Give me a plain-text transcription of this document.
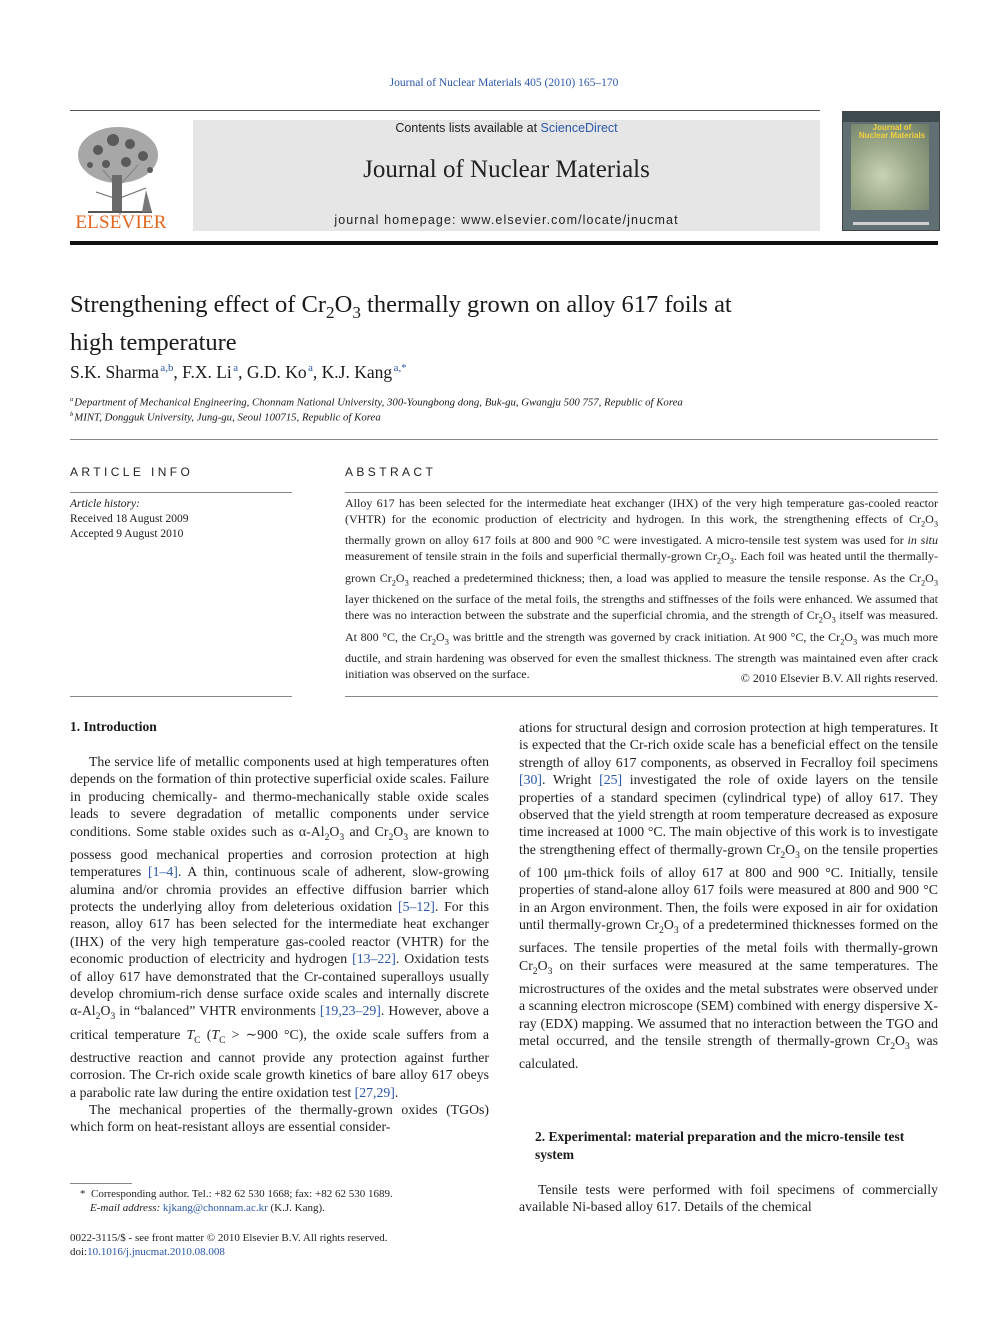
Journal of Nuclear Materials 405 (2010) 165–170
ELSEVIER
Contents lists available at ScienceDirect
Journal of Nuclear Materials
journal homepage: www.elsevier.com/locate/jnucmat
Journal of
Nuclear Materials
Strengthening effect of $Cr_2O_3$ thermally grown on alloy 617 foils at
high temperature
S.K. Sharma $^{a,b}$, F.X. Li $^a$, G.D. Ko $^a$, K.J. Kang $^{a,*}$
$^a$ Department of Mechanical Engineering, Chonnam National University, 300-Youngbong dong, Buk-gu, Gwangju 500 757, Republic of Korea
$^b$ MINT, Dongguk University, Jung-gu, Seoul 100715, Republic of Korea
ARTICLE INFO
Article history:
Received 18 August 2009
Accepted 9 August 2010
ABSTRACT
Alloy 617 has been selected for the intermediate heat exchanger (IHX) of the very high temperature gas-cooled reactor (VHTR) for the economic production of electricity and hydrogen. In this work, the strengthening effects of $Cr_2O_3$ thermally grown on alloy 617 foils at 800 and 900 °C were investigated. A micro-tensile test system was used for in situ measurement of tensile strain in the foils and superficial thermally-grown $Cr_2O_3$. Each foil was heated until the thermally-grown $Cr_2O_3$ reached a predetermined thickness; then, a load was applied to measure the tensile response. As the $Cr_2O_3$ layer thickened on the surface of the metal foils, the strengths and stiffnesses of the foils were enhanced. We assumed that there was no interaction between the substrate and the superficial chromia, and the strength of $Cr_2O_3$ itself was measured. At 800 °C, the $Cr_2O_3$ was brittle and the strength was governed by crack initiation. At 900 °C, the $Cr_2O_3$ was much more ductile, and strain hardening was observed for even the smallest thickness. The strength was maintained even after crack initiation was observed on the surface.	© 2010 Elsevier B.V. All rights reserved.
1. Introduction

The service life of metallic components used at high temperatures often depends on the formation of thin protective superficial oxide scales. Failure in producing chemically- and thermo-mechanically stable oxide scales leads to severe degradation of metallic components under service conditions. Some stable oxides such as $\alpha-Al_2O_3$ and $Cr_2O_3$ are known to possess good mechanical properties and corrosion protection at high temperatures [1–4]. A thin, continuous scale of adherent, slow-growing alumina and/or chromia provides an effective diffusion barrier which protects the underlying alloy from deleterious oxidation [5–12]. For this reason, alloy 617 has been selected for the intermediate heat exchanger (IHX) of the very high temperature gas-cooled reactor (VHTR) for the economic production of electricity and hydrogen [13–22]. Oxidation tests of alloy 617 have demonstrated that the Cr-contained superalloys usually develop chromium-rich dense surface oxide scales and internally discrete $\alpha-Al_2O_3$ in “balanced” VHTR environments [19,23–29]. However, above a critical temperature $T_C$ ($T_C$ > ∼900 °C), the oxide scale suffers from a destructive reaction and cannot provide any protection against further corrosion. The Cr-rich oxide scale growth kinetics of bare alloy 617 obeys a parabolic rate law during the entire oxidation test [27,29].

The mechanical properties of the thermally-grown oxides (TGOs) which form on heat-resistant alloys are essential consider-

* Corresponding author. Tel.: +82 62 530 1668; fax: +82 62 530 1689.
E-mail address: kjkang@chonnam.ac.kr (K.J. Kang).
0022-3115/$ - see front matter © 2010 Elsevier B.V. All rights reserved.
doi:10.1016/j.jnucmat.2010.08.008

ations for structural design and corrosion protection at high temperatures. It is expected that the Cr-rich oxide scale has a beneficial effect on the tensile strength of alloy 617 components, as observed in Fecralloy foil specimens [30]. Wright [25] investigated the role of oxide layers on the tensile properties of a standard specimen (cylindrical type) of alloy 617. They observed that the yield strength at room temperature decreased as exposure time increased at 1000 °C. The main objective of this work is to investigate the strengthening effect of thermally-grown $Cr_2O_3$ on the tensile properties of 100 μm-thick foils of alloy 617 at 800 and 900 °C. Initially, tensile properties of stand-alone alloy 617 foils were measured at 800 and 900 °C in an Argon environment. Then, the foils were exposed in air for oxidation until thermally-grown $Cr_2O_3$ of a predetermined thicknesses formed on the surfaces. The tensile properties of the metal foils with thermally-grown $Cr_2O_3$ on their surfaces were measured at the same temperatures. The microstructures of the oxides and the metal substrates were observed under a scanning electron microscope (SEM) combined with energy dispersive X-ray (EDX) mapping. We assumed that no interaction between the TGO and metal occurred, and the tensile strength of thermally-grown $Cr_2O_3$ was calculated.

2. Experimental: material preparation and the micro-tensile test system

Tensile tests were performed with foil specimens of commercially available Ni-based alloy 617. Details of the chemical
